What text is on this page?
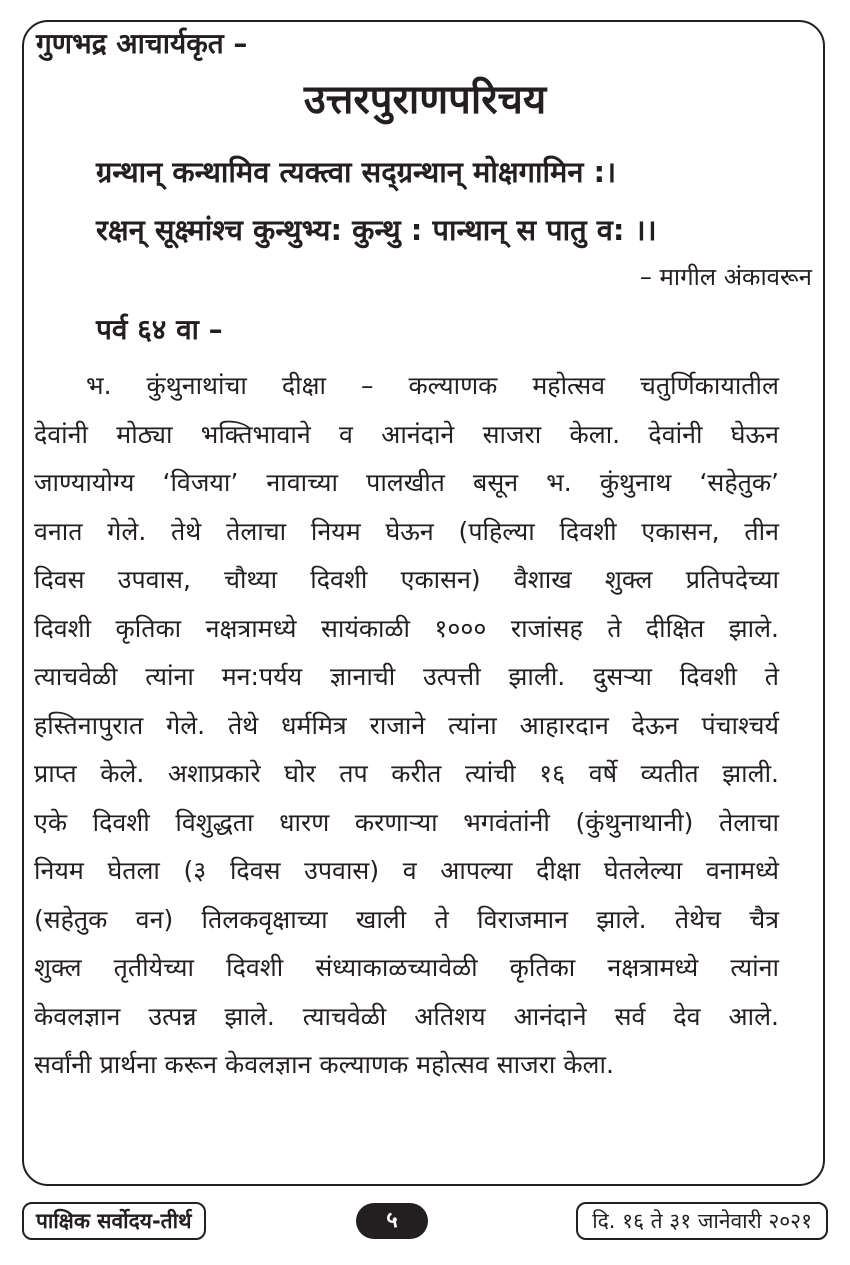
गुणभद्र आचार्यकृत –
उत्तरपुराणपरिचय
ग्रन्थान् कन्थामिव त्यक्त्वा सद्ग्रन्थान् मोक्षगामिन :।
रक्षन् सूक्ष्मांश्च कुन्थुभ्य: कुन्थु : पान्थान् स पातु व: ।।
– मागील अंकावरून
पर्व ६४ वा –
भ. कुंथुनाथांचा दीक्षा – कल्याणक महोत्सव चतुर्णिकायातील
देवांनी मोठ्या भक्तिभावाने व आनंदाने साजरा केला. देवांनी घेऊन
जाण्यायोग्य ‘विजया’ नावाच्या पालखीत बसून भ. कुंथुनाथ ‘सहेतुक’
वनात गेले. तेथे तेलाचा नियम घेऊन (पहिल्या दिवशी एकासन, तीन
दिवस उपवास, चौथ्या दिवशी एकासन) वैशाख शुक्ल प्रतिपदेच्या
दिवशी कृतिका नक्षत्रामध्ये सायंकाळी १००० राजांसह ते दीक्षित झाले.
त्याचवेळी त्यांना मन:पर्यय ज्ञानाची उत्पत्ती झाली. दुसऱ्या दिवशी ते
हस्तिनापुरात गेले. तेथे धर्ममित्र राजाने त्यांना आहारदान देऊन पंचाश्चर्य
प्राप्त केले. अशाप्रकारे घोर तप करीत त्यांची १६ वर्षे व्यतीत झाली.
एके दिवशी विशुद्धता धारण करणाऱ्या भगवंतांनी (कुंथुनाथानी) तेलाचा
नियम घेतला (३ दिवस उपवास) व आपल्या दीक्षा घेतलेल्या वनामध्ये
(सहेतुक वन) तिलकवृक्षाच्या खाली ते विराजमान झाले. तेथेच चैत्र
शुक्ल तृतीयेच्या दिवशी संध्याकाळच्यावेळी कृतिका नक्षत्रामध्ये त्यांना
केवलज्ञान उत्पन्न झाले. त्याचवेळी अतिशय आनंदाने सर्व देव आले.
सर्वांनी प्रार्थना करून केवलज्ञान कल्याणक महोत्सव साजरा केला.
पाक्षिक सर्वोदय-तीर्थ	५	दि. १६ ते ३१ जानेवारी २०२१
